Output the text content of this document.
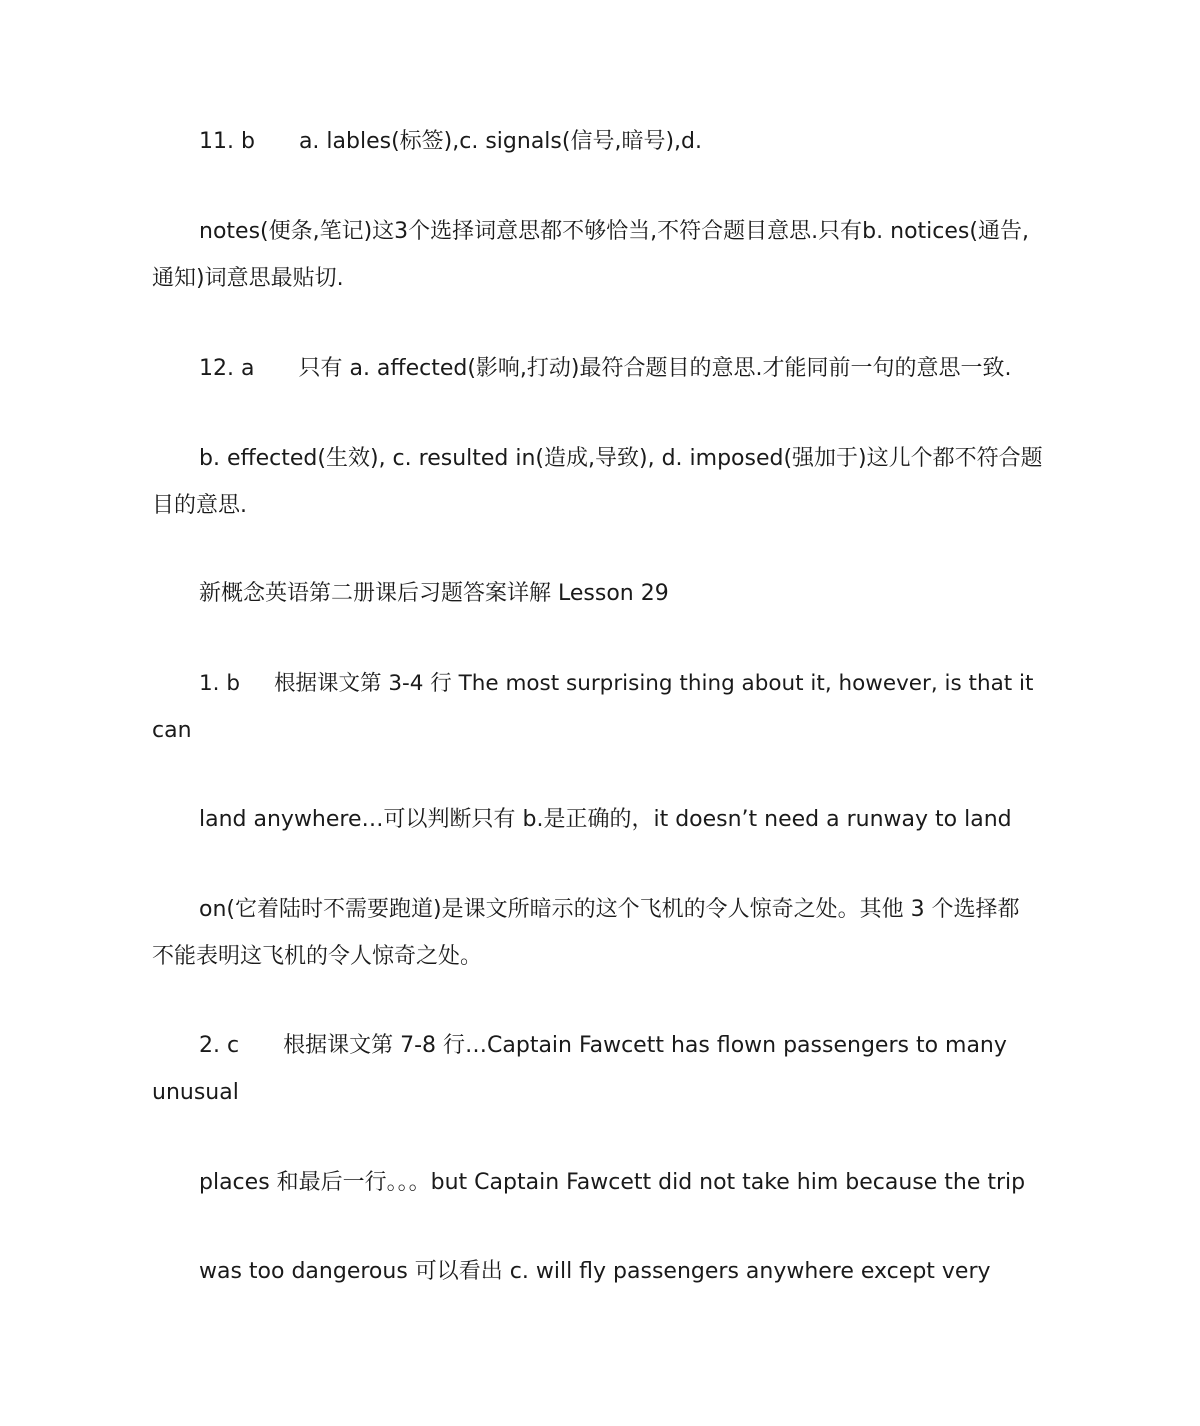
11. b a. lables(标签),c. signals(信号,暗号),d.

notes(便条,笔记)这3个选择词意思都不够恰当,不符合题目意思.只有b. notices(通告,
通知)词意思最贴切.

12. a 只有 a. affected(影响,打动)最符合题目的意思.才能同前一句的意思一致.

b. effected(生效), c. resulted in(造成,导致), d. imposed(强加于)这儿个都不符合题
目的意思.

新概念英语第二册课后习题答案详解 Lesson 29

1. b 根据课文第 3-4 行 The most surprising thing about it, however, is that it
can

land anywhere…可以判断只有 b.是正确的，it doesn’t need a runway to land

on(它着陆时不需要跑道)是课文所暗示的这个飞机的令人惊奇之处。其他 3 个选择都
不能表明这飞机的令人惊奇之处。

2. c 根据课文第 7-8 行…Captain Fawcett has flown passengers to many
unusual

places 和最后一行。。。but Captain Fawcett did not take him because the trip

was too dangerous 可以看出 c. will fly passengers anywhere except very
